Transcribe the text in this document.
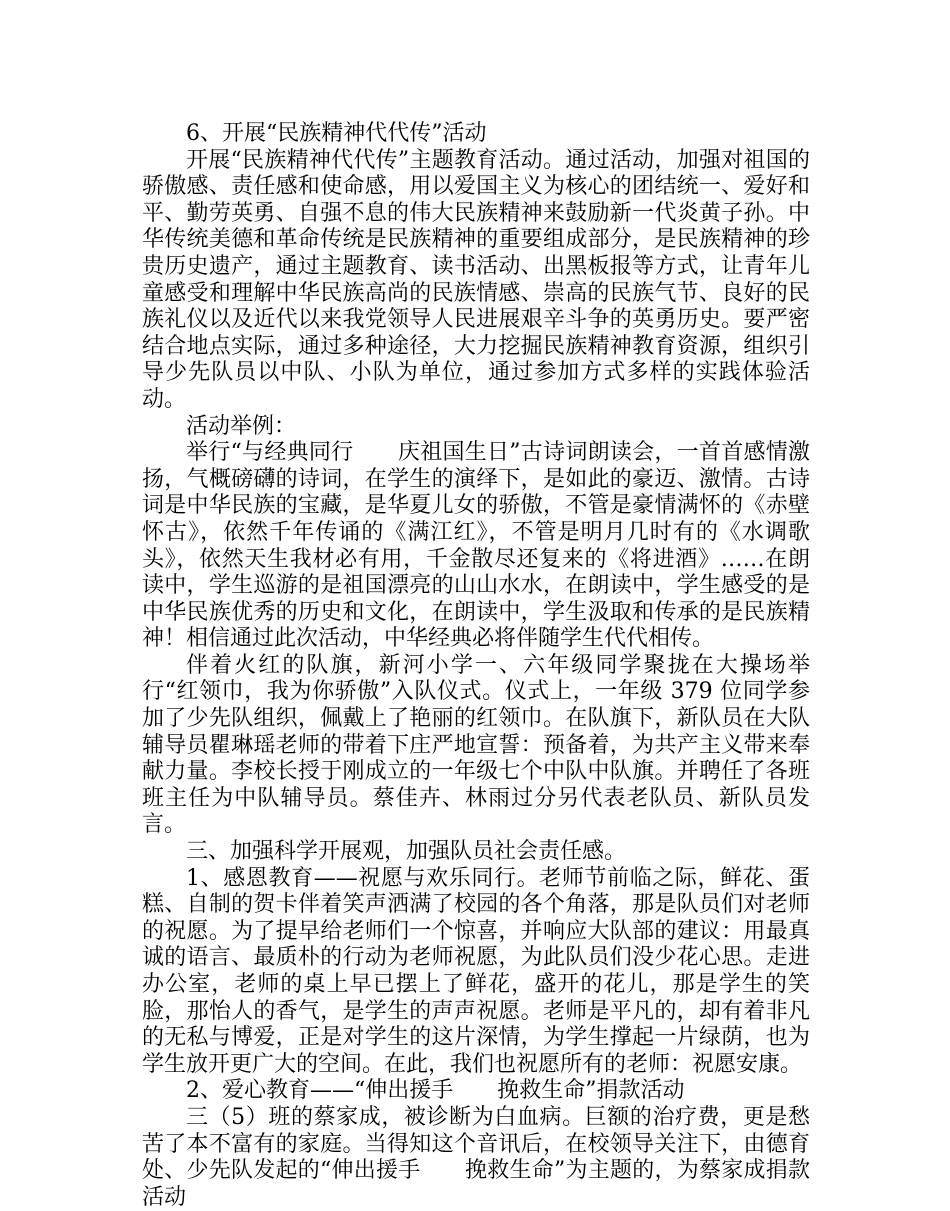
6、开展“民族精神代代传”活动

开展“民族精神代代传”主题教育活动。通过活动，加强对祖国的骄傲感、责任感和使命感，用以爱国主义为核心的团结统一、爱好和平、勤劳英勇、自强不息的伟大民族精神来鼓励新一代炎黄子孙。中华传统美德和革命传统是民族精神的重要组成部分，是民族精神的珍贵历史遗产，通过主题教育、读书活动、出黑板报等方式，让青年儿童感受和理解中华民族高尚的民族情感、崇高的民族气节、良好的民族礼仪以及近代以来我党领导人民进展艰辛斗争的英勇历史。要严密结合地点实际，通过多种途径，大力挖掘民族精神教育资源，组织引导少先队员以中队、小队为单位，通过参加方式多样的实践体验活动。

活动举例：

举行“与经典同行　　庆祖国生日”古诗词朗读会，一首首感情激扬，气概磅礴的诗词，在学生的演绎下，是如此的豪迈、激情。古诗词是中华民族的宝藏，是华夏儿女的骄傲，不管是豪情满怀的《赤壁怀古》，依然千年传诵的《满江红》，不管是明月几时有的《水调歌头》，依然天生我材必有用，千金散尽还复来的《将进酒》……在朗读中，学生巡游的是祖国漂亮的山山水水，在朗读中，学生感受的是中华民族优秀的历史和文化，在朗读中，学生汲取和传承的是民族精神！相信通过此次活动，中华经典必将伴随学生代代相传。

伴着火红的队旗，新河小学一、六年级同学聚拢在大操场举行“红领巾，我为你骄傲”入队仪式。仪式上，一年级 379 位同学参加了少先队组织，佩戴上了艳丽的红领巾。在队旗下，新队员在大队辅导员瞿琳瑶老师的带着下庄严地宣誓：预备着，为共产主义带来奉献力量。李校长授于刚成立的一年级七个中队中队旗。并聘任了各班班主任为中队辅导员。蔡佳卉、林雨过分另代表老队员、新队员发言。

三、加强科学开展观，加强队员社会责任感。

1、感恩教育——祝愿与欢乐同行。老师节前临之际，鲜花、蛋糕、自制的贺卡伴着笑声洒满了校园的各个角落，那是队员们对老师的祝愿。为了提早给老师们一个惊喜，并响应大队部的建议：用最真诚的语言、最质朴的行动为老师祝愿，为此队员们没少花心思。走进办公室，老师的桌上早已摆上了鲜花，盛开的花儿，那是学生的笑脸，那怡人的香气，是学生的声声祝愿。老师是平凡的，却有着非凡的无私与博爱，正是对学生的这片深情，为学生撑起一片绿荫，也为学生放开更广大的空间。在此，我们也祝愿所有的老师：祝愿安康。

2、爱心教育——“伸出援手　　挽救生命”捐款活动

三（5）班的蔡家成，被诊断为白血病。巨额的治疗费，更是愁苦了本不富有的家庭。当得知这个音讯后，在校领导关注下，由德育处、少先队发起的“伸出援手　　挽救生命”为主题的，为蔡家成捐款活动
